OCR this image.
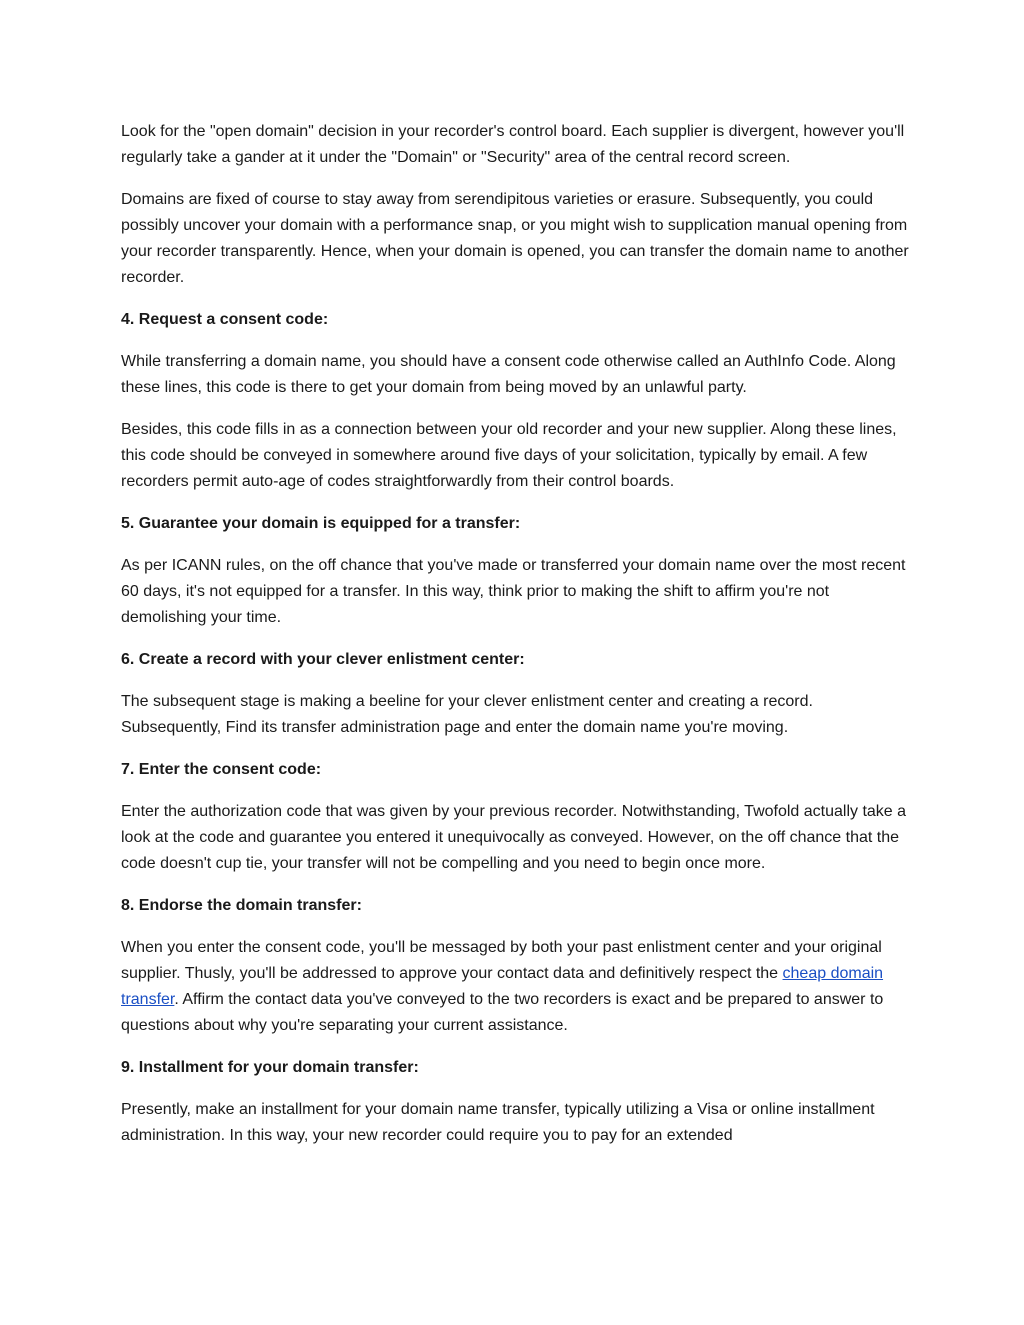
Look for the "open domain" decision in your recorder's control board. Each supplier is divergent, however you'll regularly take a gander at it under the "Domain" or "Security" area of the central record screen.

Domains are fixed of course to stay away from serendipitous varieties or erasure. Subsequently, you could possibly uncover your domain with a performance snap, or you might wish to supplication manual opening from your recorder transparently. Hence, when your domain is opened, you can transfer the domain name to another recorder.

4. Request a consent code:

While transferring a domain name, you should have a consent code otherwise called an AuthInfo Code. Along these lines, this code is there to get your domain from being moved by an unlawful party.

Besides, this code fills in as a connection between your old recorder and your new supplier. Along these lines, this code should be conveyed in somewhere around five days of your solicitation, typically by email. A few recorders permit auto-age of codes straightforwardly from their control boards.

5. Guarantee your domain is equipped for a transfer:

As per ICANN rules, on the off chance that you've made or transferred your domain name over the most recent 60 days, it's not equipped for a transfer. In this way, think prior to making the shift to affirm you're not demolishing your time.

6. Create a record with your clever enlistment center:

The subsequent stage is making a beeline for your clever enlistment center and creating a record. Subsequently, Find its transfer administration page and enter the domain name you're moving.

7. Enter the consent code:

Enter the authorization code that was given by your previous recorder. Notwithstanding, Twofold actually take a look at the code and guarantee you entered it unequivocally as conveyed. However, on the off chance that the code doesn't cup tie, your transfer will not be compelling and you need to begin once more.

8. Endorse the domain transfer:

When you enter the consent code, you'll be messaged by both your past enlistment center and your original supplier. Thusly, you'll be addressed to approve your contact data and definitively respect the cheap domain transfer. Affirm the contact data you've conveyed to the two recorders is exact and be prepared to answer to questions about why you're separating your current assistance.

9. Installment for your domain transfer:

Presently, make an installment for your domain name transfer, typically utilizing a Visa or online installment administration. In this way, your new recorder could require you to pay for an extended
